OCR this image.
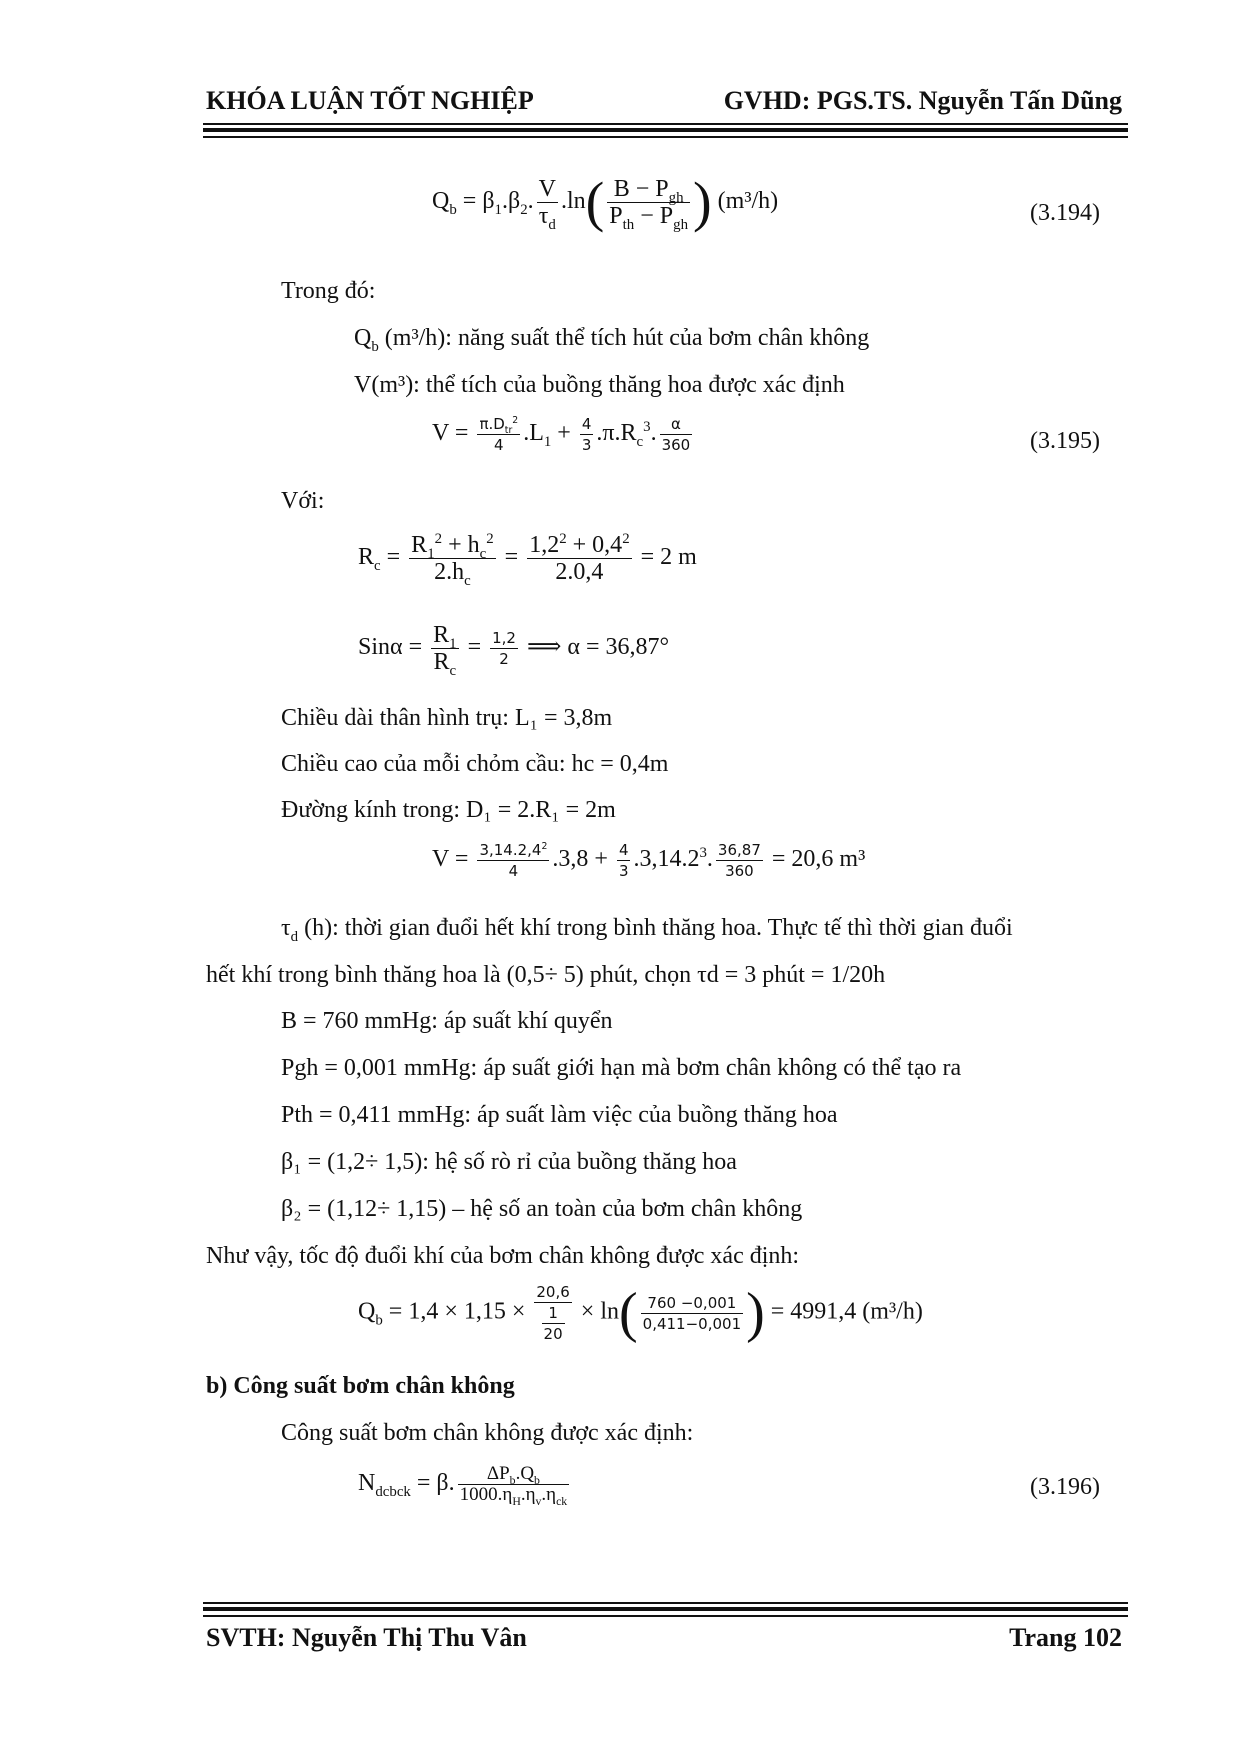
KHÓA LUẬN TỐT NGHIỆP	GVHD: PGS.TS. Nguyễn Tấn Dũng
$Q_b = \beta_1.\beta_2$. $\frac{V}{\tau_d} .\ln( \frac{B - P_{gh}}{P_{th} - P_{gh}}$ ) (m³/h)	(3.194)
Trong đó:
$Q_b$ (m³/h): năng suất thể tích hút của bơm chân không
V(m³): thể tích của buồng thăng hoa được xác định
$V = \frac{\pi.D_{tr}^2}{4} .L_1 + \frac{4}{3} .\pi.R_c^3$. $\frac{\alpha}{360}$	(3.195)
Với:
$R_c = \frac{R_1^2 + h_c^2}{2.h_c} = \frac{1,2^2 + 0,4^2}{2.0,4} = 2$ m
$Sin\alpha = \frac{R_1}{R_c} = \frac{1,2}{2}$ ⟹ α = 36,87°
Chiều dài thân hình trụ: L₁ = 3,8m
Chiều cao của mỗi chỏm cầu: hc = 0,4m
Đường kính trong: D₁ = 2.R₁ = 2m
$V = \frac{3,14.2,4^2}{4} .3,8 + \frac{4}{3} .3,14.2^3$. $\frac{36,87}{360} = 20,6$ m³
$\tau_d$ (h): thời gian đuổi hết khí trong bình thăng hoa. Thực tế thì thời gian đuổi
hết khí trong bình thăng hoa là (0,5÷ 5) phút, chọn τd = 3 phút = 1/20h
B = 760 mmHg: áp suất khí quyển
Pgh = 0,001 mmHg: áp suất giới hạn mà bơm chân không có thể tạo ra
Pth = 0,411 mmHg: áp suất làm việc của buồng thăng hoa
β₁ = (1,2÷ 1,5): hệ số rò rỉ của buồng thăng hoa
β₂ = (1,12÷ 1,15) – hệ số an toàn của bơm chân không
Như vậy, tốc độ đuổi khí của bơm chân không được xác định:
$Q_b = 1,4 \times 1,15 \times \frac{20,6}{\frac{1}{20}} \times \ln( \frac{760 -0,001}{0,411-0,001}$ ) = 4991,4 (m³/h)
b) Công suất bơm chân không
Công suất bơm chân không được xác định:
$N_{dcbck} = \beta$. $\frac{\Delta P_b.Q_b}{1000.\eta_H.\eta_v.\eta_{ck}}$	(3.196)
SVTH: Nguyễn Thị Thu Vân	Trang 102
